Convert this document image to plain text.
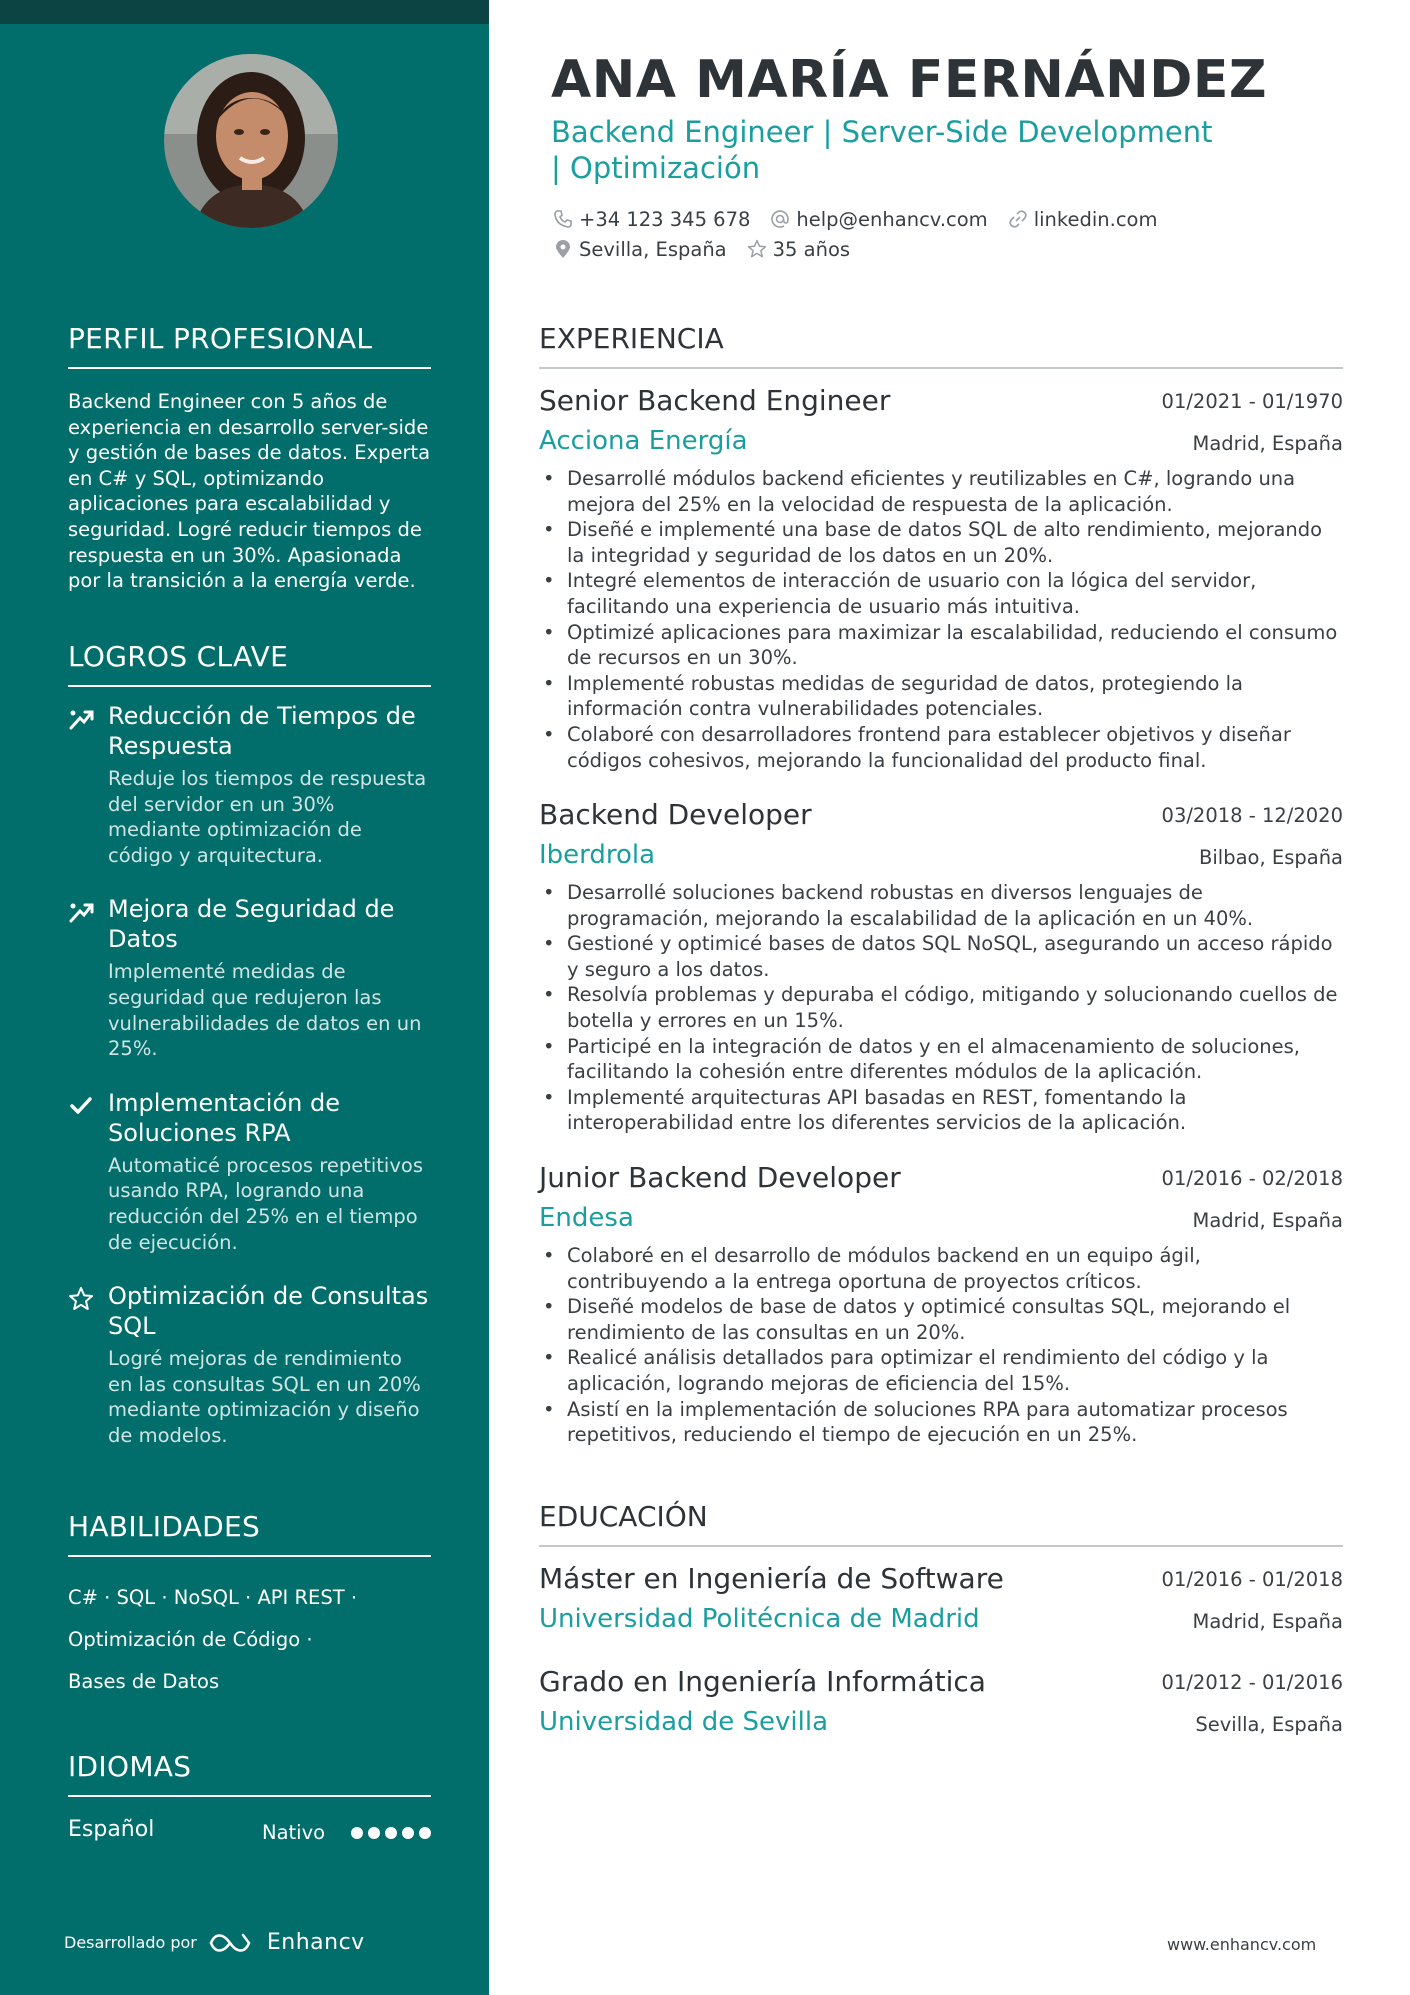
PERFIL PROFESIONAL
Backend Engineer con 5 años de experiencia en desarrollo server-side y gestión de bases de datos. Experta en C# y SQL, optimizando aplicaciones para escalabilidad y seguridad. Logré reducir tiempos de respuesta en un 30%. Apasionada por la transición a la energía verde.
LOGROS CLAVE
Reducción de Tiempos de Respuesta
Reduje los tiempos de respuesta del servidor en un 30% mediante optimización de código y arquitectura.
Mejora de Seguridad de Datos
Implementé medidas de seguridad que redujeron las vulnerabilidades de datos en un 25%.
Implementación de Soluciones RPA
Automaticé procesos repetitivos usando RPA, logrando una reducción del 25% en el tiempo de ejecución.
Optimización de Consultas SQL
Logré mejoras de rendimiento en las consultas SQL en un 20% mediante optimización y diseño de modelos.
HABILIDADES
C# · SQL · NoSQL · API REST ·
Optimización de Código ·
Bases de Datos
IDIOMAS
Español	Nativo
Desarrollado por	Enhancv
ANA MARÍA FERNÁNDEZ
Backend Engineer | Server-Side Development | Optimización
+34 123 345 678 help@enhancv.com linkedin.com
Sevilla, España 35 años
EXPERIENCIA
Senior Backend Engineer	01/2021 - 01/1970
Acciona Energía	Madrid, España
• Desarrollé módulos backend eficientes y reutilizables en C#, logrando una mejora del 25% en la velocidad de respuesta de la aplicación.
• Diseñé e implementé una base de datos SQL de alto rendimiento, mejorando la integridad y seguridad de los datos en un 20%.
• Integré elementos de interacción de usuario con la lógica del servidor, facilitando una experiencia de usuario más intuitiva.
• Optimizé aplicaciones para maximizar la escalabilidad, reduciendo el consumo de recursos en un 30%.
• Implementé robustas medidas de seguridad de datos, protegiendo la información contra vulnerabilidades potenciales.
• Colaboré con desarrolladores frontend para establecer objetivos y diseñar códigos cohesivos, mejorando la funcionalidad del producto final.
Backend Developer	03/2018 - 12/2020
Iberdrola	Bilbao, España
• Desarrollé soluciones backend robustas en diversos lenguajes de programación, mejorando la escalabilidad de la aplicación en un 40%.
• Gestioné y optimicé bases de datos SQL NoSQL, asegurando un acceso rápido y seguro a los datos.
• Resolvía problemas y depuraba el código, mitigando y solucionando cuellos de botella y errores en un 15%.
• Participé en la integración de datos y en el almacenamiento de soluciones, facilitando la cohesión entre diferentes módulos de la aplicación.
• Implementé arquitecturas API basadas en REST, fomentando la interoperabilidad entre los diferentes servicios de la aplicación.
Junior Backend Developer	01/2016 - 02/2018
Endesa	Madrid, España
• Colaboré en el desarrollo de módulos backend en un equipo ágil, contribuyendo a la entrega oportuna de proyectos críticos.
• Diseñé modelos de base de datos y optimicé consultas SQL, mejorando el rendimiento de las consultas en un 20%.
• Realicé análisis detallados para optimizar el rendimiento del código y la aplicación, logrando mejoras de eficiencia del 15%.
• Asistí en la implementación de soluciones RPA para automatizar procesos repetitivos, reduciendo el tiempo de ejecución en un 25%.
EDUCACIÓN
Máster en Ingeniería de Software	01/2016 - 01/2018
Universidad Politécnica de Madrid	Madrid, España
Grado en Ingeniería Informática	01/2012 - 01/2016
Universidad de Sevilla	Sevilla, España
www.enhancv.com
